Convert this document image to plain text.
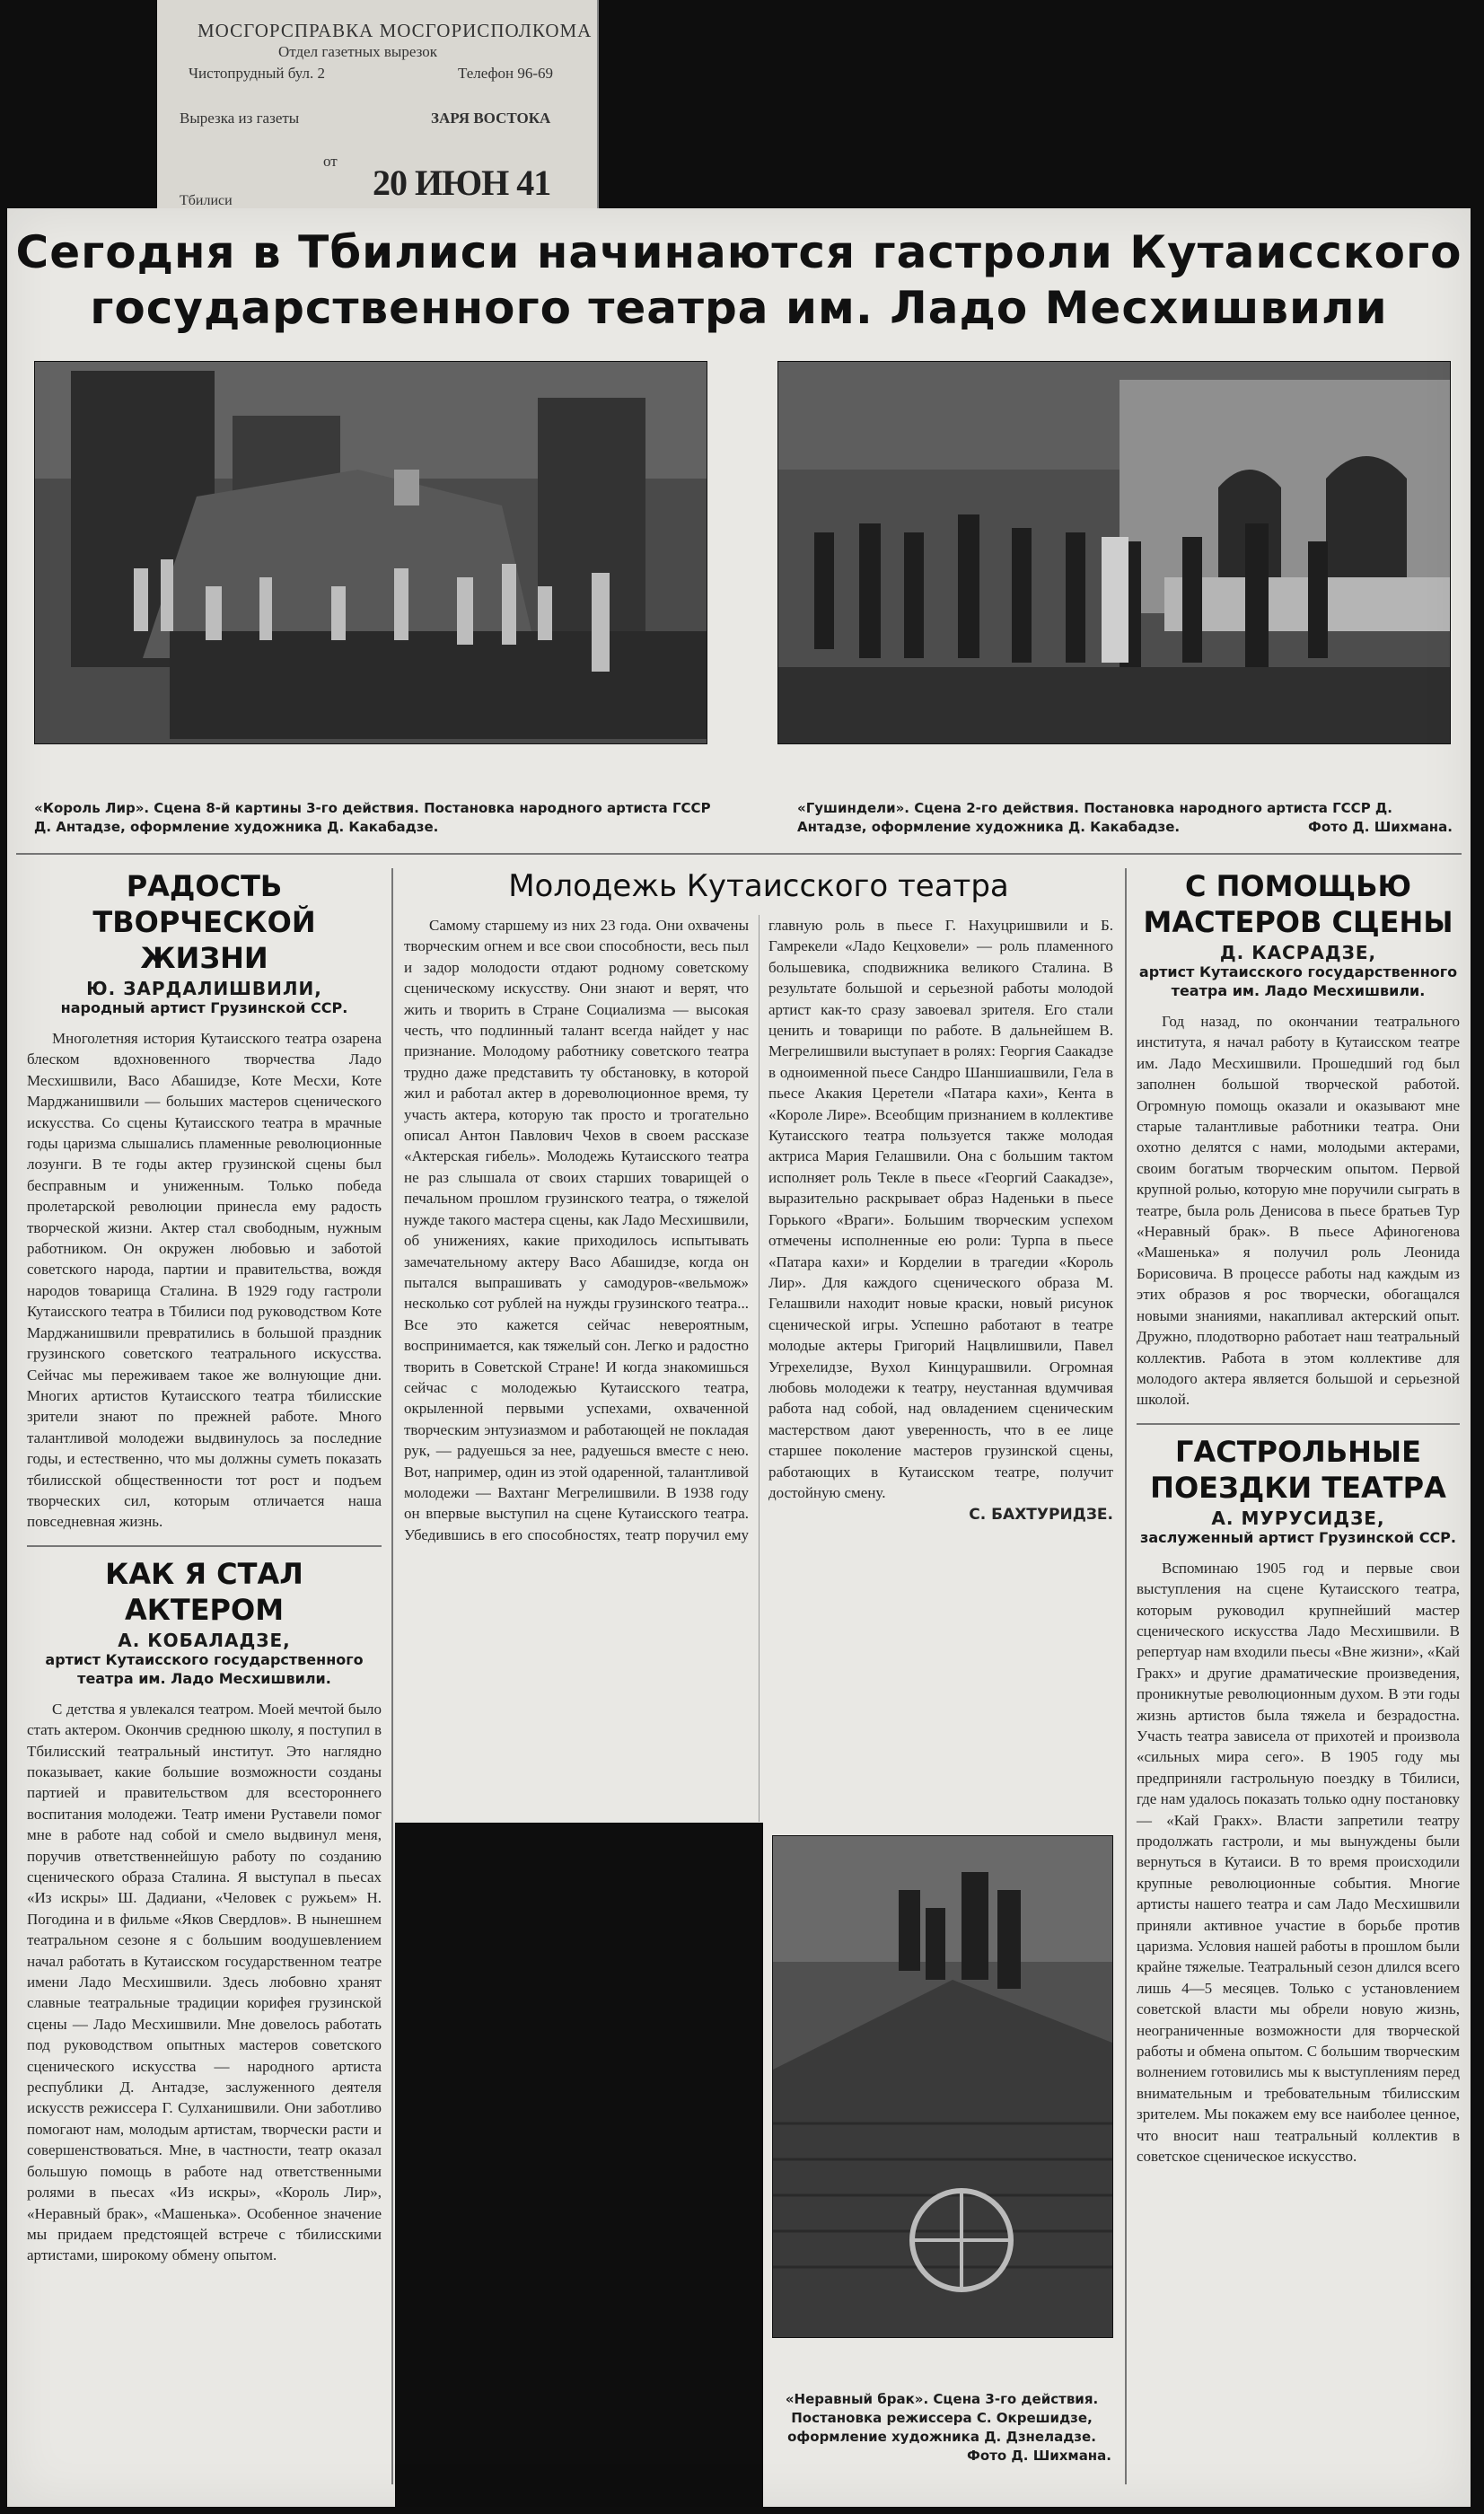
МОСГОРСПРАВКА МОСГОРИСПОЛКОМА
Отдел газетных вырезок
Чистопрудный бул. 2	Телефон 96-69
Вырезка из газеты	ЗАРЯ ВОСТОКА
от
20 ИЮН 41
Тбилиси
Сегодня в Тбилиси начинаются гастроли Кутаисского
государственного театра им. Ладо Месхишвили
«Король Лир». Сцена 8-й картины 3-го действия. Постановка народного артиста ГССР Д. Антадзе, оформление художника Д. Какабадзе.
«Гушиндели». Сцена 2-го действия. Постановка народного артиста ГССР Д. Антадзе, оформление художника Д. Какабадзе.	Фото Д. Шихмана.
РАДОСТЬ ТВОРЧЕСКОЙ ЖИЗНИ
Ю. ЗАРДАЛИШВИЛИ,
народный артист Грузинской ССР.

Многолетняя история Кутаисского театра озарена блеском вдохновенного творчества Ладо Месхишвили, Васо Абашидзе, Коте Месхи, Коте Марджанишвили — больших мастеров сценического искусства. Со сцены Кутаисского театра в мрачные годы царизма слышались пламенные революционные лозунги. В те годы актер грузинской сцены был бесправным и униженным. Только победа пролетарской революции принесла ему радость творческой жизни. Актер стал свободным, нужным работником. Он окружен любовью и заботой советского народа, партии и правительства, вождя народов товарища Сталина. В 1929 году гастроли Кутаисского театра в Тбилиси под руководством Коте Марджанишвили превратились в большой праздник грузинского советского театрального искусства. Сейчас мы переживаем такое же волнующие дни. Многих артистов Кутаисского театра тбилисские зрители знают по прежней работе. Много талантливой молодежи выдвинулось за последние годы, и естественно, что мы должны суметь показать тбилисской общественности тот рост и подъем творческих сил, которым отличается наша повседневная жизнь.

КАК Я СТАЛ АКТЕРОМ
А. КОБАЛАДЗЕ,
артист Кутаисского государственного театра им. Ладо Месхишвили.

С детства я увлекался театром. Моей мечтой было стать актером. Окончив среднюю школу, я поступил в Тбилисский театральный институт. Это наглядно показывает, какие большие возможности созданы партией и правительством для всестороннего воспитания молодежи. Театр имени Руставели помог мне в работе над собой и смело выдвинул меня, поручив ответственнейшую работу по созданию сценического образа Сталина. Я выступал в пьесах «Из искры» Ш. Дадиани, «Человек с ружьем» Н. Погодина и в фильме «Яков Свердлов». В нынешнем театральном сезоне я с большим воодушевлением начал работать в Кутаисском государственном театре имени Ладо Месхишвили. Здесь любовно хранят славные театральные традиции корифея грузинской сцены — Ладо Месхишвили. Мне довелось работать под руководством опытных мастеров советского сценического искусства — народного артиста республики Д. Антадзе, заслуженного деятеля искусств режиссера Г. Сулханишвили. Они заботливо помогают нам, молодым артистам, творчески расти и совершенствоваться. Мне, в частности, театр оказал большую помощь в работе над ответственными ролями в пьесах «Из искры», «Король Лир», «Неравный брак», «Машенька». Особенное значение мы придаем предстоящей встрече с тбилисскими артистами, широкому обмену опытом.

Молодежь Кутаисского театра

Самому старшему из них 23 года. Они охвачены творческим огнем и все свои способности, весь пыл и задор молодости отдают родному советскому сценическому искусству. Они знают и верят, что жить и творить в Стране Социализма — высокая честь, что подлинный талант всегда найдет у нас признание. Молодому работнику советского театра трудно даже представить ту обстановку, в которой жил и работал актер в дореволюционное время, ту участь актера, которую так просто и трогательно описал Антон Павлович Чехов в своем рассказе «Актерская гибель». Молодежь Кутаисского театра не раз слышала от своих старших товарищей о печальном прошлом грузинского театра, о тяжелой нужде такого мастера сцены, как Ладо Месхишвили, об унижениях, какие приходилось испытывать замечательному актеру Васо Абашидзе, когда он пытался выпрашивать у самодуров-«вельмож» несколько сот рублей на нужды грузинского театра... Все это кажется сейчас невероятным, воспринимается, как тяжелый сон. Легко и радостно творить в Советской Стране! И когда знакомишься сейчас с молодежью Кутаисского театра, окрыленной первыми успехами, охваченной творческим энтузиазмом и работающей не покладая рук, — радуешься за нее, радуешься вместе с нею. Вот, например, один из этой одаренной, талантливой молодежи — Вахтанг Мегрелишвили. В 1938 году он впервые выступил на сцене Кутаисского театра. Убедившись в его способностях, театр поручил ему главную роль в пьесе Г. Нахуцришвили и Б. Гамрекели «Ладо Кецховели» — роль пламенного большевика, сподвижника великого Сталина. В результате большой и серьезной работы молодой артист как-то сразу завоевал зрителя. Его стали ценить и товарищи по работе. В дальнейшем В. Мегрелишвили выступает в ролях: Георгия Саакадзе в одноименной пьесе Сандро Шаншиашвили, Гела в пьесе Акакия Церетели «Патара кахи», Кента в «Короле Лире». Всеобщим признанием в коллективе Кутаисского театра пользуется также молодая актриса Мария Гелашвили. Она с большим тактом исполняет роль Текле в пьесе «Георгий Саакадзе», выразительно раскрывает образ Наденьки в пьесе Горького «Враги». Большим творческим успехом отмечены исполненные ею роли: Турпа в пьесе «Патара кахи» и Корделии в трагедии «Король Лир». Для каждого сценического образа М. Гелашвили находит новые краски, новый рисунок сценической игры. Успешно работают в театре молодые актеры Григорий Нацвлишвили, Павел Угрехелидзе, Вухол Кинцурашвили. Огромная любовь молодежи к театру, неустанная вдумчивая работа над собой, над овладением сценическим мастерством дают уверенность, что в ее лице старшее поколение мастеров грузинской сцены, работающих в Кутаисском театре, получит достойную смену.

С. БАХТУРИДЗЕ.
«Неравный брак». Сцена 3-го действия. Постановка режиссера С. Окрешидзе, оформление художника Д. Дзнеладзе.

Фото Д. Шихмана.
С ПОМОЩЬЮ МАСТЕРОВ СЦЕНЫ
Д. КАСРАДЗЕ,
артист Кутаисского государственного театра им. Ладо Месхишвили.

Год назад, по окончании театрального института, я начал работу в Кутаисском театре им. Ладо Месхишвили. Прошедший год был заполнен большой творческой работой. Огромную помощь оказали и оказывают мне старые талантливые работники театра. Они охотно делятся с нами, молодыми актерами, своим богатым творческим опытом. Первой крупной ролью, которую мне поручили сыграть в театре, была роль Денисова в пьесе братьев Тур «Неравный брак». В пьесе Афиногенова «Машенька» я получил роль Леонида Борисовича. В процессе работы над каждым из этих образов я рос творчески, обогащался новыми знаниями, накапливал актерский опыт. Дружно, плодотворно работает наш театральный коллектив. Работа в этом коллективе для молодого актера является большой и серьезной школой.

ГАСТРОЛЬНЫЕ ПОЕЗДКИ ТЕАТРА
А. МУРУСИДЗЕ,
заслуженный артист Грузинской ССР.

Вспоминаю 1905 год и первые свои выступления на сцене Кутаисского театра, которым руководил крупнейший мастер сценического искусства Ладо Месхишвили. В репертуар нам входили пьесы «Вне жизни», «Кай Гракх» и другие драматические произведения, проникнутые революционным духом. В эти годы жизнь артистов была тяжела и безрадостна. Участь театра зависела от прихотей и произвола «сильных мира сего». В 1905 году мы предприняли гастрольную поездку в Тбилиси, где нам удалось показать только одну постановку — «Кай Гракх». Власти запретили театру продолжать гастроли, и мы вынуждены были вернуться в Кутаиси. В то время происходили крупные революционные события. Многие артисты нашего театра и сам Ладо Месхишвили приняли активное участие в борьбе против царизма. Условия нашей работы в прошлом были крайне тяжелые. Театральный сезон длился всего лишь 4—5 месяцев. Только с установлением советской власти мы обрели новую жизнь, неограниченные возможности для творческой работы и обмена опытом. С большим творческим волнением готовились мы к выступлениям перед внимательным и требовательным тбилисским зрителем. Мы покажем ему все наиболее ценное, что вносит наш театральный коллектив в советское сценическое искусство.
